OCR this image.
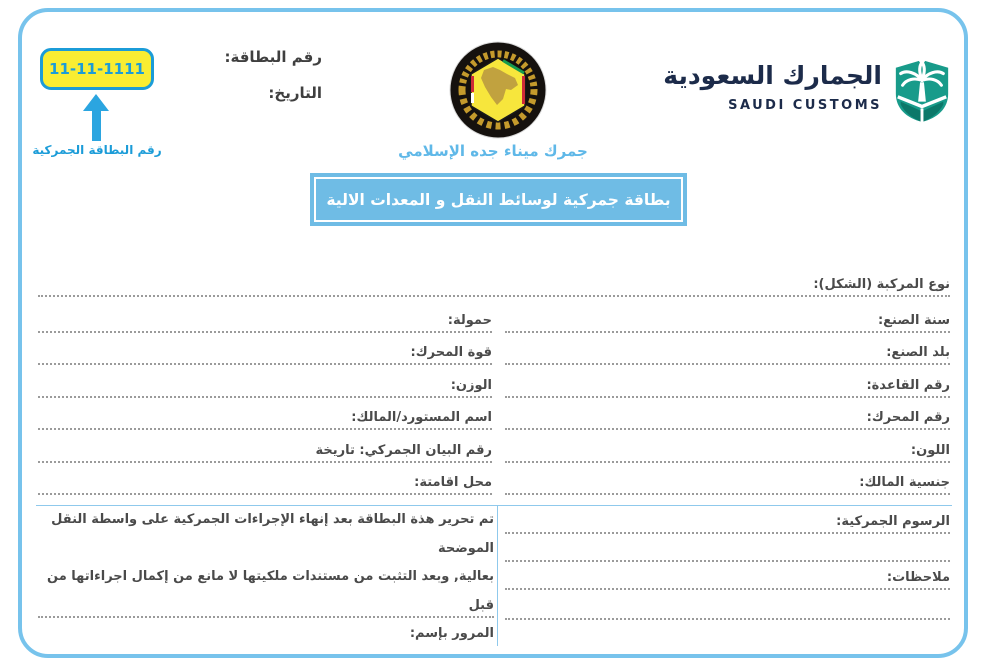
11-11-1111
رقم البطاقة الجمركية
رقم البطاقة:
التاريخ:
جمرك ميناء جده الإسلامي
بطاقة جمركية لوسائط النقل و المعدات الالية
الجمارك السعودية
SAUDI CUSTOMS
نوع المركبة (الشكل):
سنة الصنع:
بلد الصنع:
رقم القاعدة:
رقم المحرك:
اللون:
جنسية المالك:
حمولة:
قوة المحرك:
الوزن:
اسم المستورد/المالك:
رقم البيان الجمركي: تاريخة
محل اقامتة:
الرسوم الجمركية:
ملاحظات:

تم تحرير هذة البطاقة بعد إنهاء الإجراءات الجمركية على واسطة النقل

الموضحة

بعالية, وبعد التثبت من مستندات ملكيتها لا مانع من إكمال اجراءاتها من قبل

المرور بإسم:
